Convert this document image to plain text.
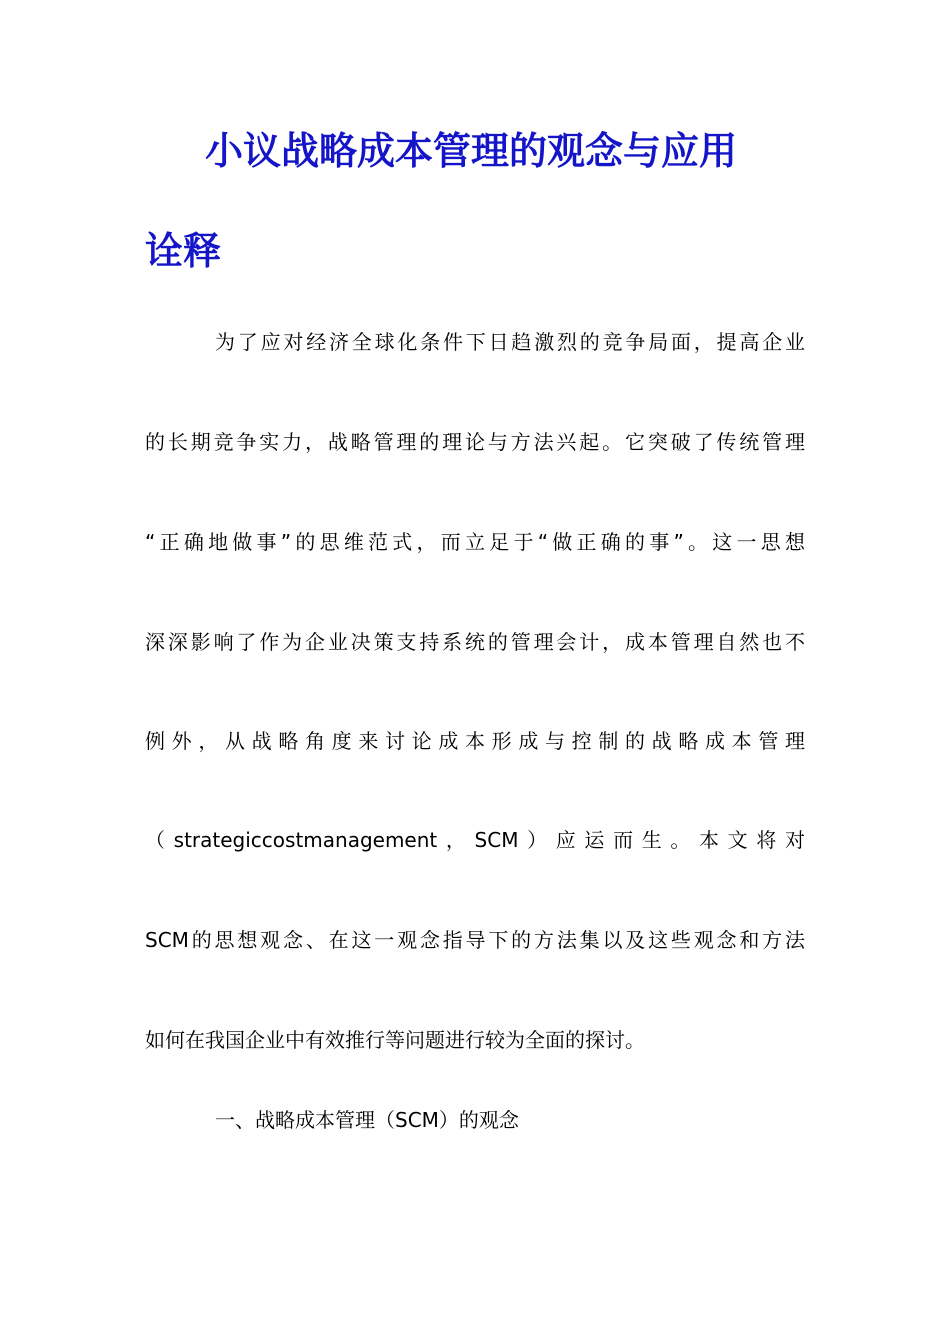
小议战略成本管理的观念与应用
诠释
为了应对经济全球化条件下日趋激烈的竞争局面，提高企业
的长期竞争实力，战略管理的理论与方法兴起。它突破了传统管理
“正确地做事”的思维范式，而立足于“做正确的事”。这一思想
深深影响了作为企业决策支持系统的管理会计，成本管理自然也不
例外，从战略角度来讨论成本形成与控制的战略成本管理
（strategiccostmanagement，SCM）应运而生。本文将对
SCM的思想观念、在这一观念指导下的方法集以及这些观念和方法
如何在我国企业中有效推行等问题进行较为全面的探讨。
一、战略成本管理（SCM）的观念
